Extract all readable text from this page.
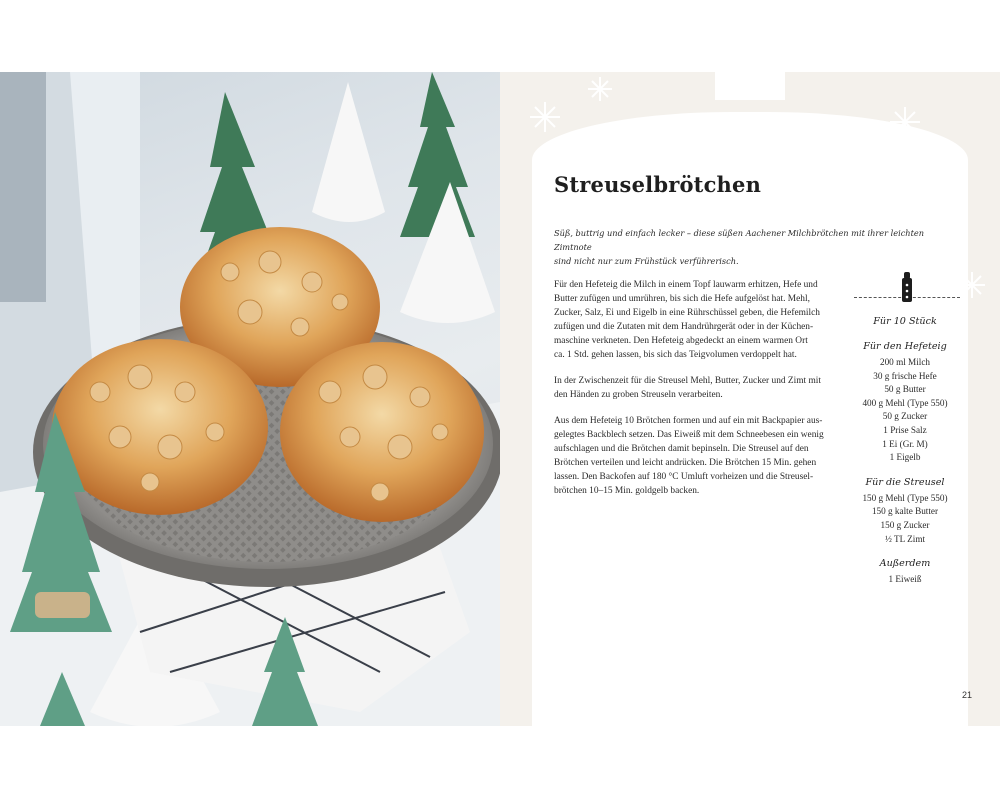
Streuselbrötchen
Süß, buttrig und einfach lecker – diese süßen Aachener Milchbrötchen mit ihrer leichten Zimtnote
sind nicht nur zum Frühstück verführerisch.
Für den Hefeteig die Milch in einem Topf lauwarm erhitzen, Hefe und
Butter zufügen und umrühren, bis sich die Hefe aufgelöst hat. Mehl,
Zucker, Salz, Ei und Eigelb in eine Rührschüssel geben, die Hefemilch
zufügen und die Zutaten mit dem Handrührgerät oder in der Küchen-
maschine verkneten. Den Hefeteig abgedeckt an einem warmen Ort
ca. 1 Std. gehen lassen, bis sich das Teigvolumen verdoppelt hat.
In der Zwischenzeit für die Streusel Mehl, Butter, Zucker und Zimt mit
den Händen zu groben Streuseln verarbeiten.
Aus dem Hefeteig 10 Brötchen formen und auf ein mit Backpapier aus-
gelegtes Backblech setzen. Das Eiweiß mit dem Schneebesen ein wenig
aufschlagen und die Brötchen damit bepinseln. Die Streusel auf den
Brötchen verteilen und leicht andrücken. Die Brötchen 15 Min. gehen
lassen. Den Backofen auf 180 °C Umluft vorheizen und die Streusel-
brötchen 10–15 Min. goldgelb backen.
Für 10 Stück
Für den Hefeteig
200 ml Milch
30 g frische Hefe
50 g Butter
400 g Mehl (Type 550)
50 g Zucker
1 Prise Salz
1 Ei (Gr. M)
1 Eigelb
Für die Streusel
150 g Mehl (Type 550)
150 g kalte Butter
150 g Zucker
½ TL Zimt
Außerdem
1 Eiweiß
21
